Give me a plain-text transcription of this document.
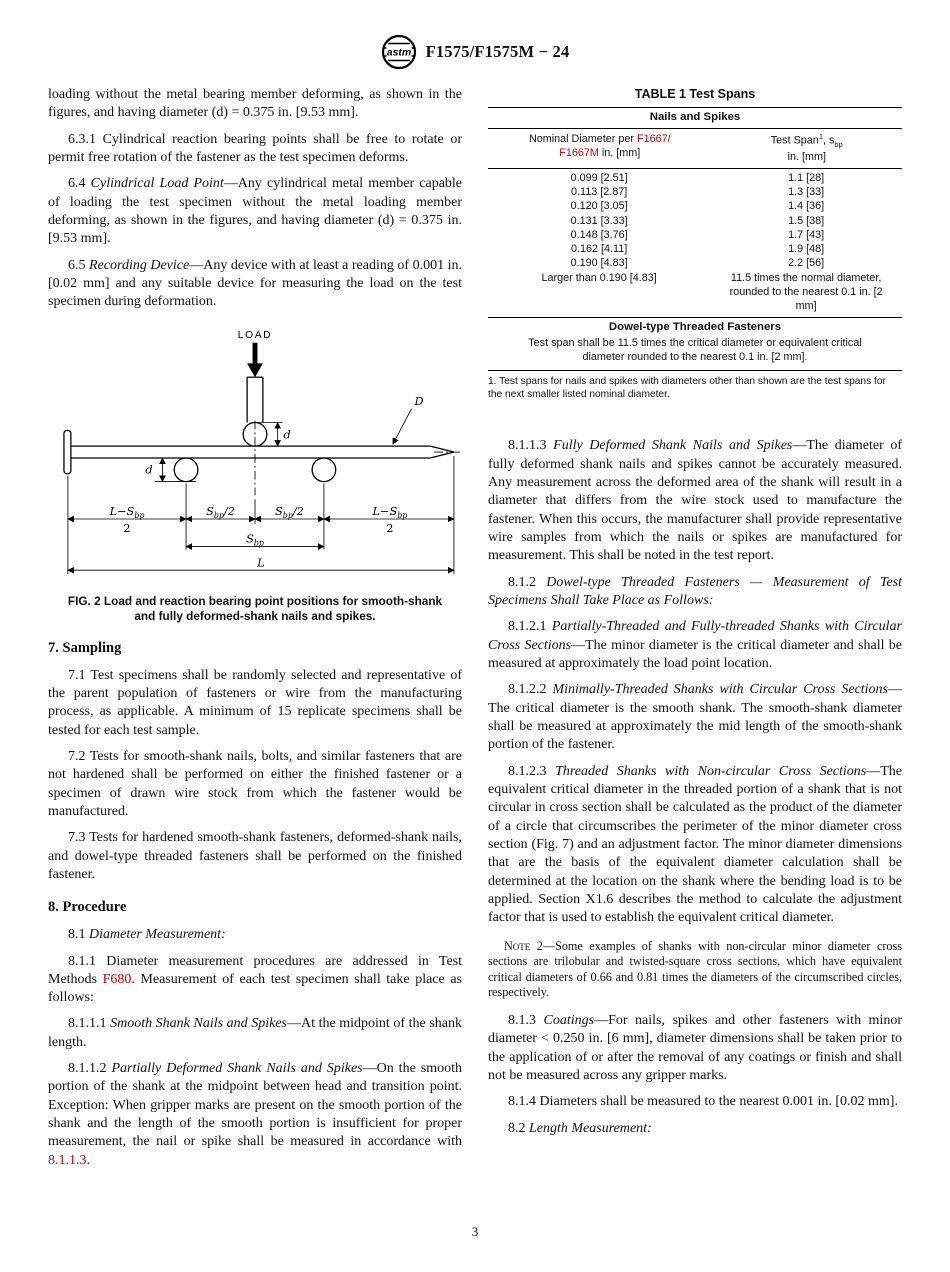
astm F1575/F1575M − 24

loading without the metal bearing member deforming, as shown in the figures, and having diameter (d) = 0.375 in. [9.53 mm].

6.3.1 Cylindrical reaction bearing points shall be free to rotate or permit free rotation of the fastener as the test specimen deforms.

6.4 Cylindrical Load Point—Any cylindrical metal member capable of loading the test specimen without the metal loading member deforming, as shown in the figures, and having diameter (d) = 0.375 in. [9.53 mm].

6.5 Recording Device—Any device with at least a reading of 0.001 in. [0.02 mm] and any suitable device for measuring the load on the test specimen during deformation.

LOAD
d
D
d
$L-S_{bp}$
2
$S_{bp}/2$	$S_{bp}/2$	$L-S_{bp}$
2
$S_{bp}$
L
FIG. 2 Load and reaction bearing point positions for smooth-shank and fully deformed-shank nails and spikes.
7. Sampling

7.1 Test specimens shall be randomly selected and representative of the parent population of fasteners or wire from the manufacturing process, as applicable. A minimum of 15 replicate specimens shall be tested for each test sample.

7.2 Tests for smooth-shank nails, bolts, and similar fasteners that are not hardened shall be performed on either the finished fastener or a specimen of drawn wire stock from which the fastener would be manufactured.

7.3 Tests for hardened smooth-shank fasteners, deformed-shank nails, and dowel-type threaded fasteners shall be performed on the finished fastener.

8. Procedure

8.1 Diameter Measurement:

8.1.1 Diameter measurement procedures are addressed in Test Methods F680. Measurement of each test specimen shall take place as follows:

8.1.1.1 Smooth Shank Nails and Spikes—At the midpoint of the shank length.

8.1.1.2 Partially Deformed Shank Nails and Spikes—On the smooth portion of the shank at the midpoint between head and transition point. Exception: When gripper marks are present on the smooth portion of the shank and the length of the smooth portion is insufficient for proper measurement, the nail or spike shall be measured in accordance with 8.1.1.3.

TABLE 1 Test Spans
Nails and Spikes
Nominal Diameter per F1667/
F1667M in. [mm]
Test Span$^1$, $s_{bp}$
in. [mm]
0.099 [2.51]	1.1 [28]
0.113 [2.87]	1.3 [33]
0.120 [3.05]	1.4 [36]
0.131 [3.33]	1.5 [38]
0.148 [3.76]	1.7 [43]
0.162 [4.11]	1.9 [48]
0.190 [4.83]	2.2 [56]
Larger than 0.190 [4.83]	11.5 times the normal diameter, rounded to the nearest 0.1 in. [2 mm]
Dowel-type Threaded Fasteners
Test span shall be 11.5 times the critical diameter or equivalent critical diameter rounded to the nearest 0.1 in. [2 mm].
1. Test spans for nails and spikes with diameters other than shown are the test spans for the next smaller listed nominal diameter.

8.1.1.3 Fully Deformed Shank Nails and Spikes—The diameter of fully deformed shank nails and spikes cannot be accurately measured. Any measurement across the deformed area of the shank will result in a diameter that differs from the wire stock used to manufacture the fastener. When this occurs, the manufacturer shall provide representative wire samples from which the nails or spikes are manufactured for measurement. This shall be noted in the test report.

8.1.2 Dowel-type Threaded Fasteners — Measurement of Test Specimens Shall Take Place as Follows:

8.1.2.1 Partially-Threaded and Fully-threaded Shanks with Circular Cross Sections—The minor diameter is the critical diameter and shall be measured at approximately the load point location.

8.1.2.2 Minimally-Threaded Shanks with Circular Cross Sections—The critical diameter is the smooth shank. The smooth-shank diameter shall be measured at approximately the mid length of the smooth-shank portion of the fastener.

8.1.2.3 Threaded Shanks with Non-circular Cross Sections—The equivalent critical diameter in the threaded portion of a shank that is not circular in cross section shall be calculated as the product of the diameter of a circle that circumscribes the perimeter of the minor diameter cross section (Fig. 7) and an adjustment factor. The minor diameter dimensions that are the basis of the equivalent diameter calculation shall be determined at the location on the shank where the bending load is to be applied. Section X1.6 describes the method to calculate the adjustment factor that is used to establish the equivalent critical diameter.

Note 2—Some examples of shanks with non-circular minor diameter cross sections are trilobular and twisted-square cross sections, which have equivalent critical diameters of 0.66 and 0.81 times the diameters of the circumscribed circles, respectively.

8.1.3 Coatings—For nails, spikes and other fasteners with minor diameter < 0.250 in. [6 mm], diameter dimensions shall be taken prior to the application of or after the removal of any coatings or finish and shall not be measured across any gripper marks.

8.1.4 Diameters shall be measured to the nearest 0.001 in. [0.02 mm].

8.2 Length Measurement:

3
